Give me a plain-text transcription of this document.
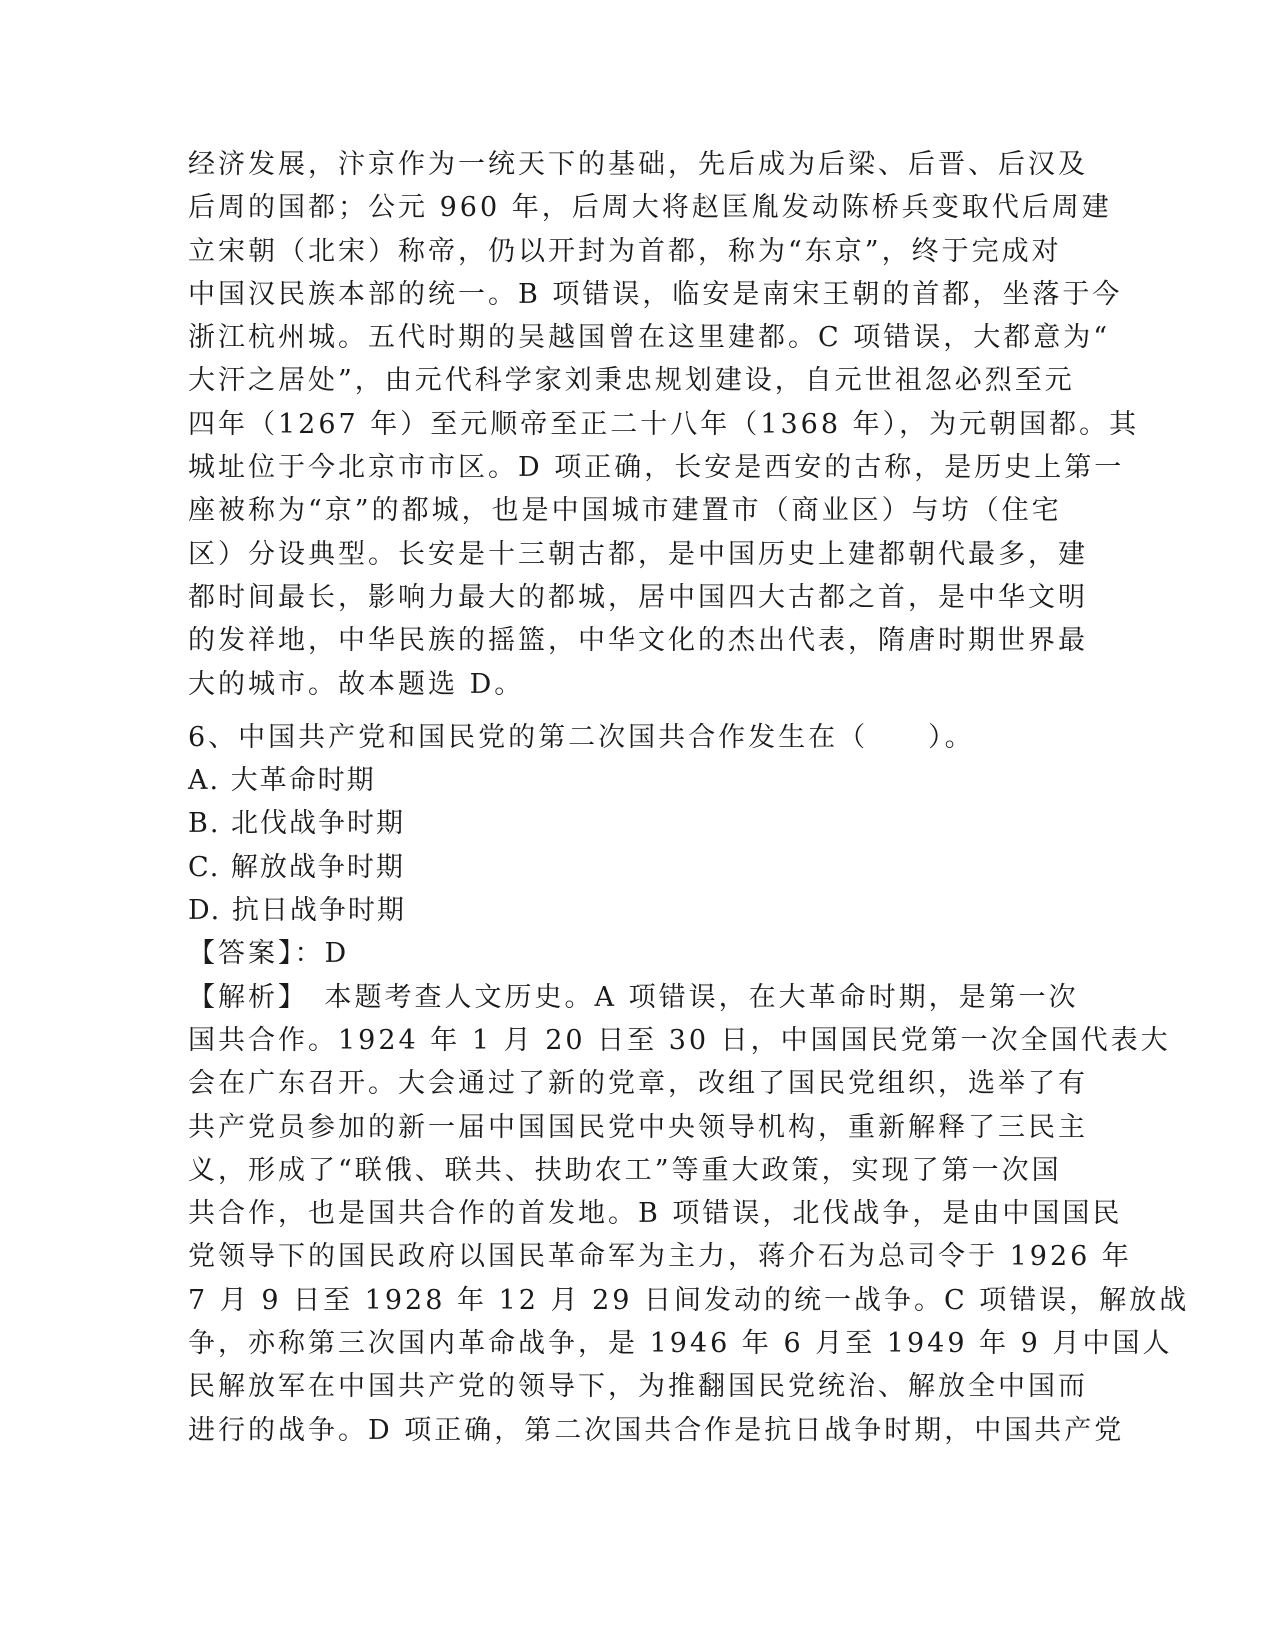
经济发展，汴京作为一统天下的基础，先后成为后梁、后晋、后汉及
后周的国都；公元 960 年，后周大将赵匡胤发动陈桥兵变取代后周建
立宋朝（北宋）称帝，仍以开封为首都，称为“东京”，终于完成对
中国汉民族本部的统一。B 项错误，临安是南宋王朝的首都，坐落于今
浙江杭州城。五代时期的吴越国曾在这里建都。C 项错误，大都意为“
大汗之居处”，由元代科学家刘秉忠规划建设，自元世祖忽必烈至元
四年（1267 年）至元顺帝至正二十八年（1368 年），为元朝国都。其
城址位于今北京市市区。D 项正确，长安是西安的古称，是历史上第一
座被称为“京”的都城，也是中国城市建置市（商业区）与坊（住宅
区）分设典型。长安是十三朝古都，是中国历史上建都朝代最多，建
都时间最长，影响力最大的都城，居中国四大古都之首，是中华文明
的发祥地，中华民族的摇篮，中华文化的杰出代表，隋唐时期世界最
大的城市。故本题选 D。
6、中国共产党和国民党的第二次国共合作发生在（　　）。
A. 大革命时期
B. 北伐战争时期
C. 解放战争时期
D. 抗日战争时期
【答案】：D
【解析】　本题考查人文历史。A 项错误，在大革命时期，是第一次
国共合作。1924 年 1 月 20 日至 30 日，中国国民党第一次全国代表大
会在广东召开。大会通过了新的党章，改组了国民党组织，选举了有
共产党员参加的新一届中国国民党中央领导机构，重新解释了三民主
义，形成了“联俄、联共、扶助农工”等重大政策，实现了第一次国
共合作，也是国共合作的首发地。B 项错误，北伐战争，是由中国国民
党领导下的国民政府以国民革命军为主力，蒋介石为总司令于 1926 年
7 月 9 日至 1928 年 12 月 29 日间发动的统一战争。C 项错误，解放战
争，亦称第三次国内革命战争，是 1946 年 6 月至 1949 年 9 月中国人
民解放军在中国共产党的领导下，为推翻国民党统治、解放全中国而
进行的战争。D 项正确，第二次国共合作是抗日战争时期，中国共产党
